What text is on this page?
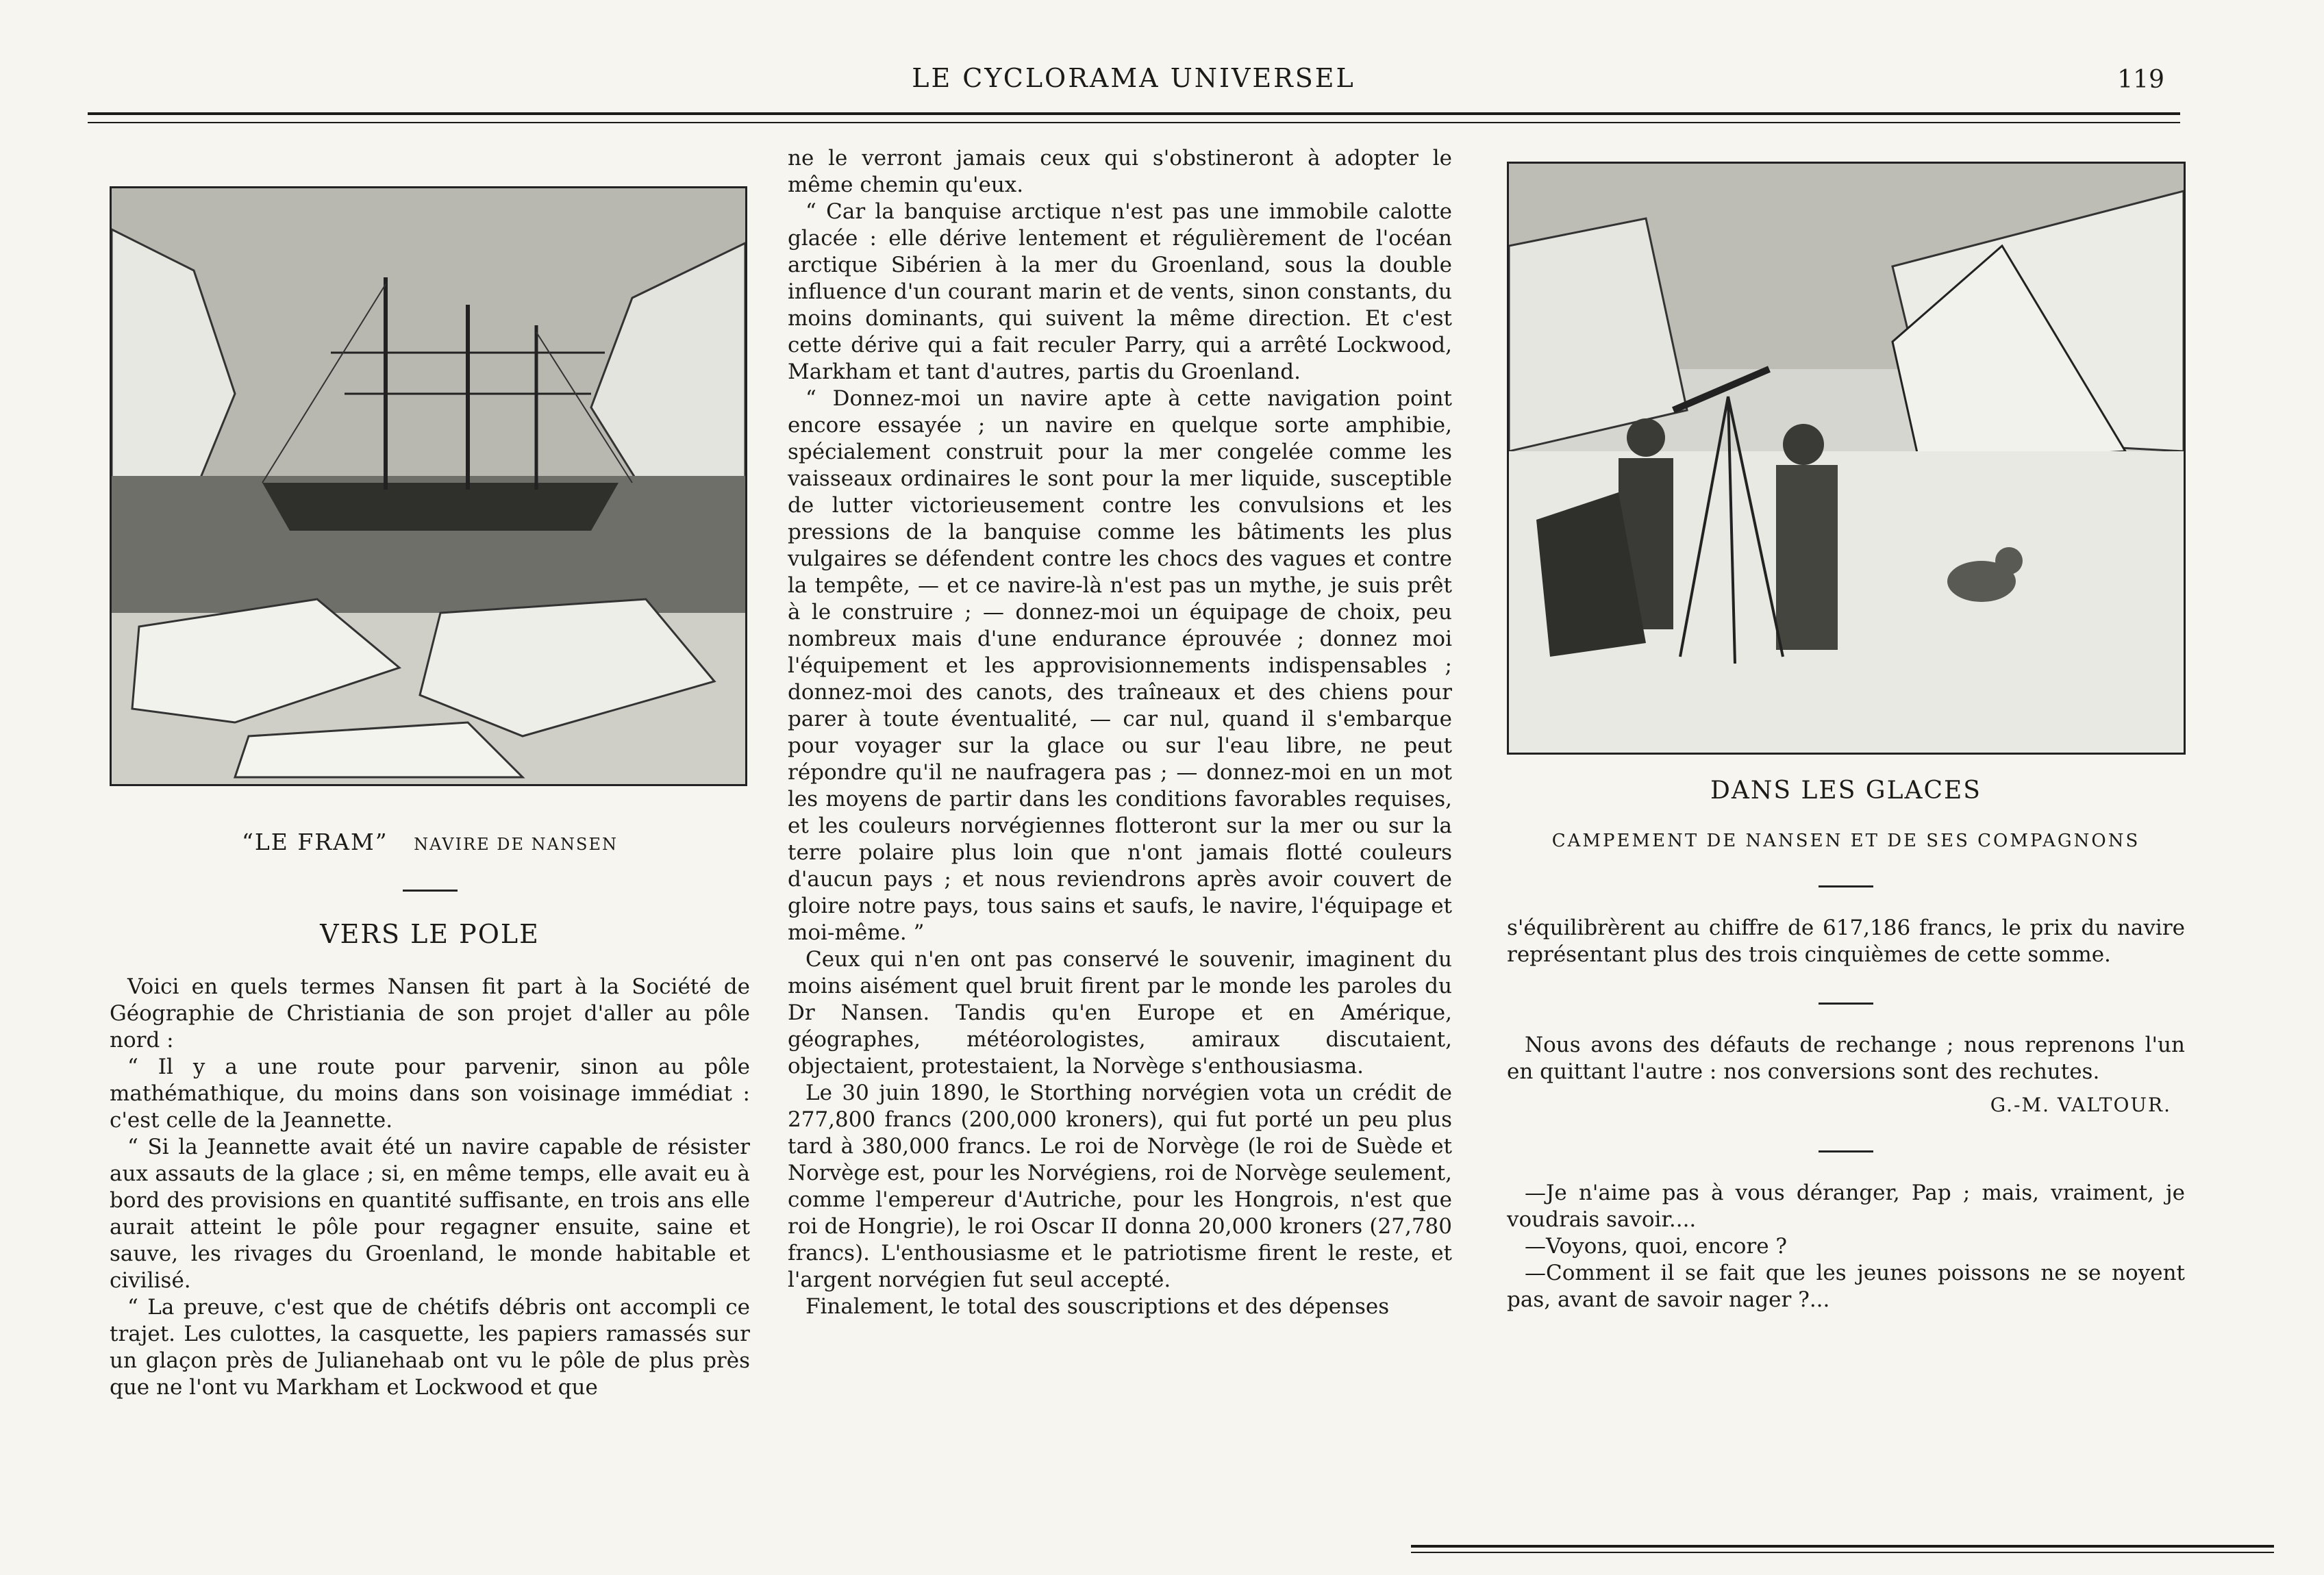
LE CYCLORAMA UNIVERSEL	119
“LE FRAM” NAVIRE DE NANSEN
VERS LE POLE

Voici en quels termes Nansen fit part à la Société de Géographie de Christiania de son projet d'aller au pôle nord :

“ Il y a une route pour parvenir, sinon au pôle mathémathique, du moins dans son voisinage immédiat : c'est celle de la Jeannette.

“ Si la Jeannette avait été un navire capable de résister aux assauts de la glace ; si, en même temps, elle avait eu à bord des provisions en quantité suffisante, en trois ans elle aurait atteint le pôle pour regagner ensuite, saine et sauve, les rivages du Groenland, le monde habitable et civilisé.

“ La preuve, c'est que de chétifs débris ont accompli ce trajet. Les culottes, la casquette, les papiers ramassés sur un glaçon près de Julianehaab ont vu le pôle de plus près que ne l'ont vu Markham et Lockwood et que

ne le verront jamais ceux qui s'obstineront à adopter le même chemin qu'eux.

“ Car la banquise arctique n'est pas une immobile calotte glacée : elle dérive lentement et régulièrement de l'océan arctique Sibérien à la mer du Groenland, sous la double influence d'un courant marin et de vents, sinon constants, du moins dominants, qui suivent la même direction. Et c'est cette dérive qui a fait reculer Parry, qui a arrêté Lockwood, Markham et tant d'autres, partis du Groenland.

“ Donnez-moi un navire apte à cette navigation point encore essayée ; un navire en quelque sorte amphibie, spécialement construit pour la mer congelée comme les vaisseaux ordinaires le sont pour la mer liquide, susceptible de lutter victorieusement contre les convulsions et les pressions de la banquise comme les bâtiments les plus vulgaires se défendent contre les chocs des vagues et contre la tempête, — et ce navire-là n'est pas un mythe, je suis prêt à le construire ; — donnez-moi un équipage de choix, peu nombreux mais d'une endurance éprouvée ; donnez moi l'équipement et les approvisionnements indispensables ; donnez-moi des canots, des traîneaux et des chiens pour parer à toute éventualité, — car nul, quand il s'embarque pour voyager sur la glace ou sur l'eau libre, ne peut répondre qu'il ne naufragera pas ; — donnez-moi en un mot les moyens de partir dans les conditions favorables requises, et les couleurs norvégiennes flotteront sur la mer ou sur la terre polaire plus loin que n'ont jamais flotté couleurs d'aucun pays ; et nous reviendrons après avoir couvert de gloire notre pays, tous sains et saufs, le navire, l'équipage et moi-même. ”

Ceux qui n'en ont pas conservé le souvenir, imaginent du moins aisément quel bruit firent par le monde les paroles du Dr Nansen. Tandis qu'en Europe et en Amérique, géographes, météorologistes, amiraux discutaient, objectaient, protestaient, la Norvège s'enthousiasma.

Le 30 juin 1890, le Storthing norvégien vota un crédit de 277,800 francs (200,000 kroners), qui fut porté un peu plus tard à 380,000 francs. Le roi de Norvège (le roi de Suède et Norvège est, pour les Norvégiens, roi de Norvège seulement, comme l'empereur d'Autriche, pour les Hongrois, n'est que roi de Hongrie), le roi Oscar II donna 20,000 kroners (27,780 francs). L'enthousiasme et le patriotisme firent le reste, et l'argent norvégien fut seul accepté.

Finalement, le total des souscriptions et des dépenses

DANS LES GLACES
CAMPEMENT DE NANSEN ET DE SES COMPAGNONS

s'équilibrèrent au chiffre de 617,186 francs, le prix du navire représentant plus des trois cinquièmes de cette somme.

Nous avons des défauts de rechange ; nous reprenons l'un en quittant l'autre : nos conversions sont des rechutes.

G.-M. VALTOUR.

—Je n'aime pas à vous déranger, Pap ; mais, vraiment, je voudrais savoir....

—Voyons, quoi, encore ?

—Comment il se fait que les jeunes poissons ne se noyent pas, avant de savoir nager ?...
